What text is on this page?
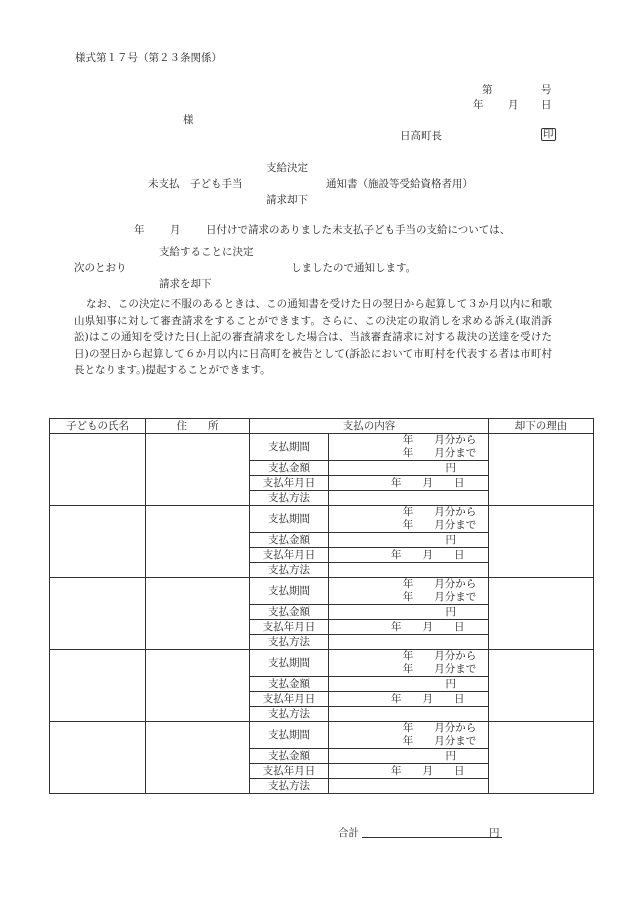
様式第１７号（第２３条関係）
第	号
年 月 日
様
日高町長	印
支給決定
未支払　子ども手当	通知書（施設等受給資格者用）
請求却下
年 月 日付けで請求のありました未支払子ども手当の支給については、
支給することに決定
次のとおり	しましたので通知します。
請求を却下
なお、この決定に不服のあるときは、この通知書を受けた日の翌日から起算して３か月以内に和歌山県知事に対して審査請求をすることができます。さらに、この決定の取消しを求める訴え(取消訴訟)はこの通知を受けた日(上記の審査請求をした場合は、当該審査請求に対する裁決の送達を受けた日)の翌日から起算して６か月以内に日高町を被告として(訴訟において市町村を代表する者は市町村長となります。)提起することができます。
子どもの氏名	住　　所	支払の内容		却下の理由
		支払期間	年　　月分から
年　　月分まで	

		支払金額	円	
		支払年月日	年　　月　　日	
		支払方法		
		支払期間	年　　月分から
年　　月分まで	

		支払金額	円	
		支払年月日	年　　月　　日	
		支払方法		
		支払期間	年　　月分から
年　　月分まで	

		支払金額	円	
		支払年月日	年　　月　　日	
		支払方法		
		支払期間	年　　月分から
年　　月分まで	

		支払金額	円	
		支払年月日	年　　月　　日	
		支払方法		
		支払期間	年　　月分から
年　　月分まで	

		支払金額	円	
		支払年月日	年　　月　　日	
		支払方法		
合計	円
